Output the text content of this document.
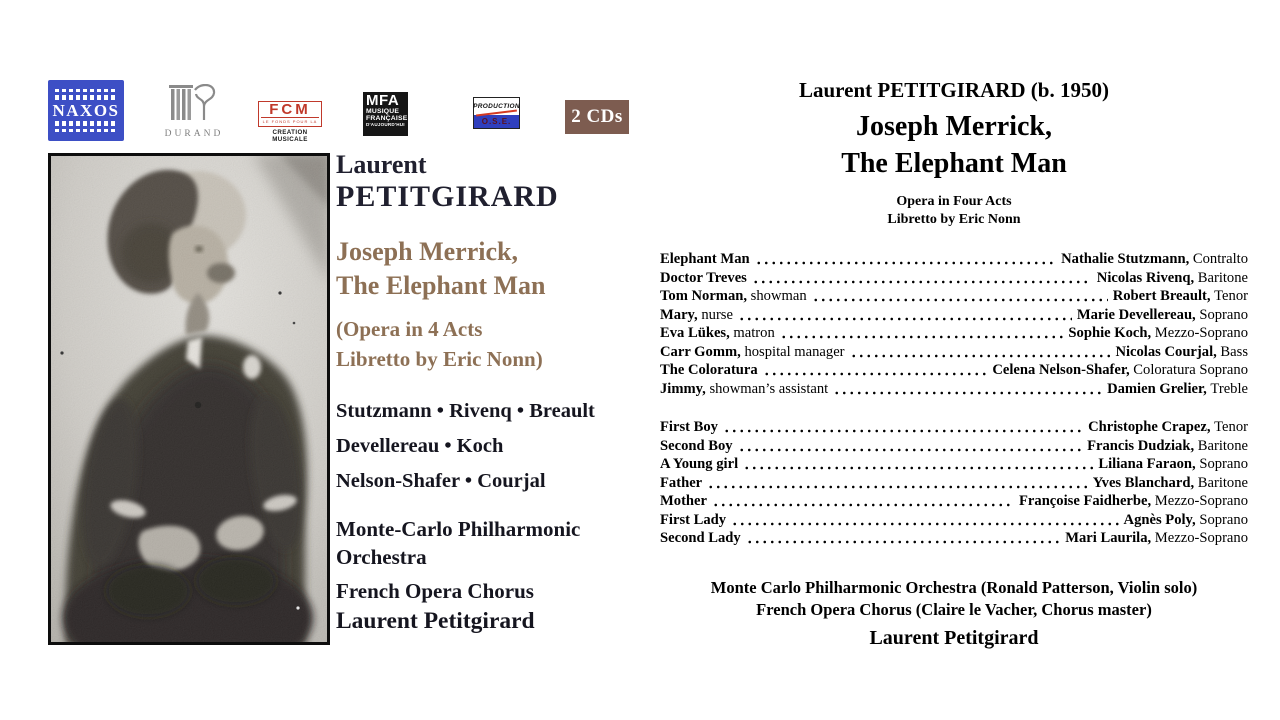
NAXOS
DURAND
FCM
LE FONDS POUR LA
CREATION MUSICALE
MFA
MUSIQUE
FRANÇAISE
D'AUJOURD'HUI
PRODUCTION
O.S.E.	2 CDs
Laurent
PETITGIRARD
Joseph Merrick,
The Elephant Man
(Opera in 4 Acts
Libretto by Eric Nonn)
Stutzmann • Rivenq • Breault
Devellereau • Koch
Nelson-Shafer • Courjal
Monte-Carlo Philharmonic
Orchestra
French Opera Chorus
Laurent Petitgirard
Laurent PETITGIRARD (b. 1950)
Joseph Merrick,
The Elephant Man
Opera in Four Acts
Libretto by Eric Nonn
Elephant Man	Nathalie Stutzmann, Contralto
Doctor Treves	Nicolas Rivenq, Baritone
Tom Norman, showman	Robert Breault, Tenor
Mary, nurse	Marie Devellereau, Soprano
Eva Lükes, matron	Sophie Koch, Mezzo-Soprano
Carr Gomm, hospital manager	Nicolas Courjal, Bass
The Coloratura	Celena Nelson-Shafer, Coloratura Soprano
Jimmy, showman’s assistant	Damien Grelier, Treble
First Boy	Christophe Crapez, Tenor
Second Boy	Francis Dudziak, Baritone
A Young girl	Liliana Faraon, Soprano
Father	Yves Blanchard, Baritone
Mother	Françoise Faidherbe, Mezzo-Soprano
First Lady	Agnès Poly, Soprano
Second Lady	Mari Laurila, Mezzo-Soprano
Monte Carlo Philharmonic Orchestra (Ronald Patterson, Violin solo)
French Opera Chorus (Claire le Vacher, Chorus master)
Laurent Petitgirard
